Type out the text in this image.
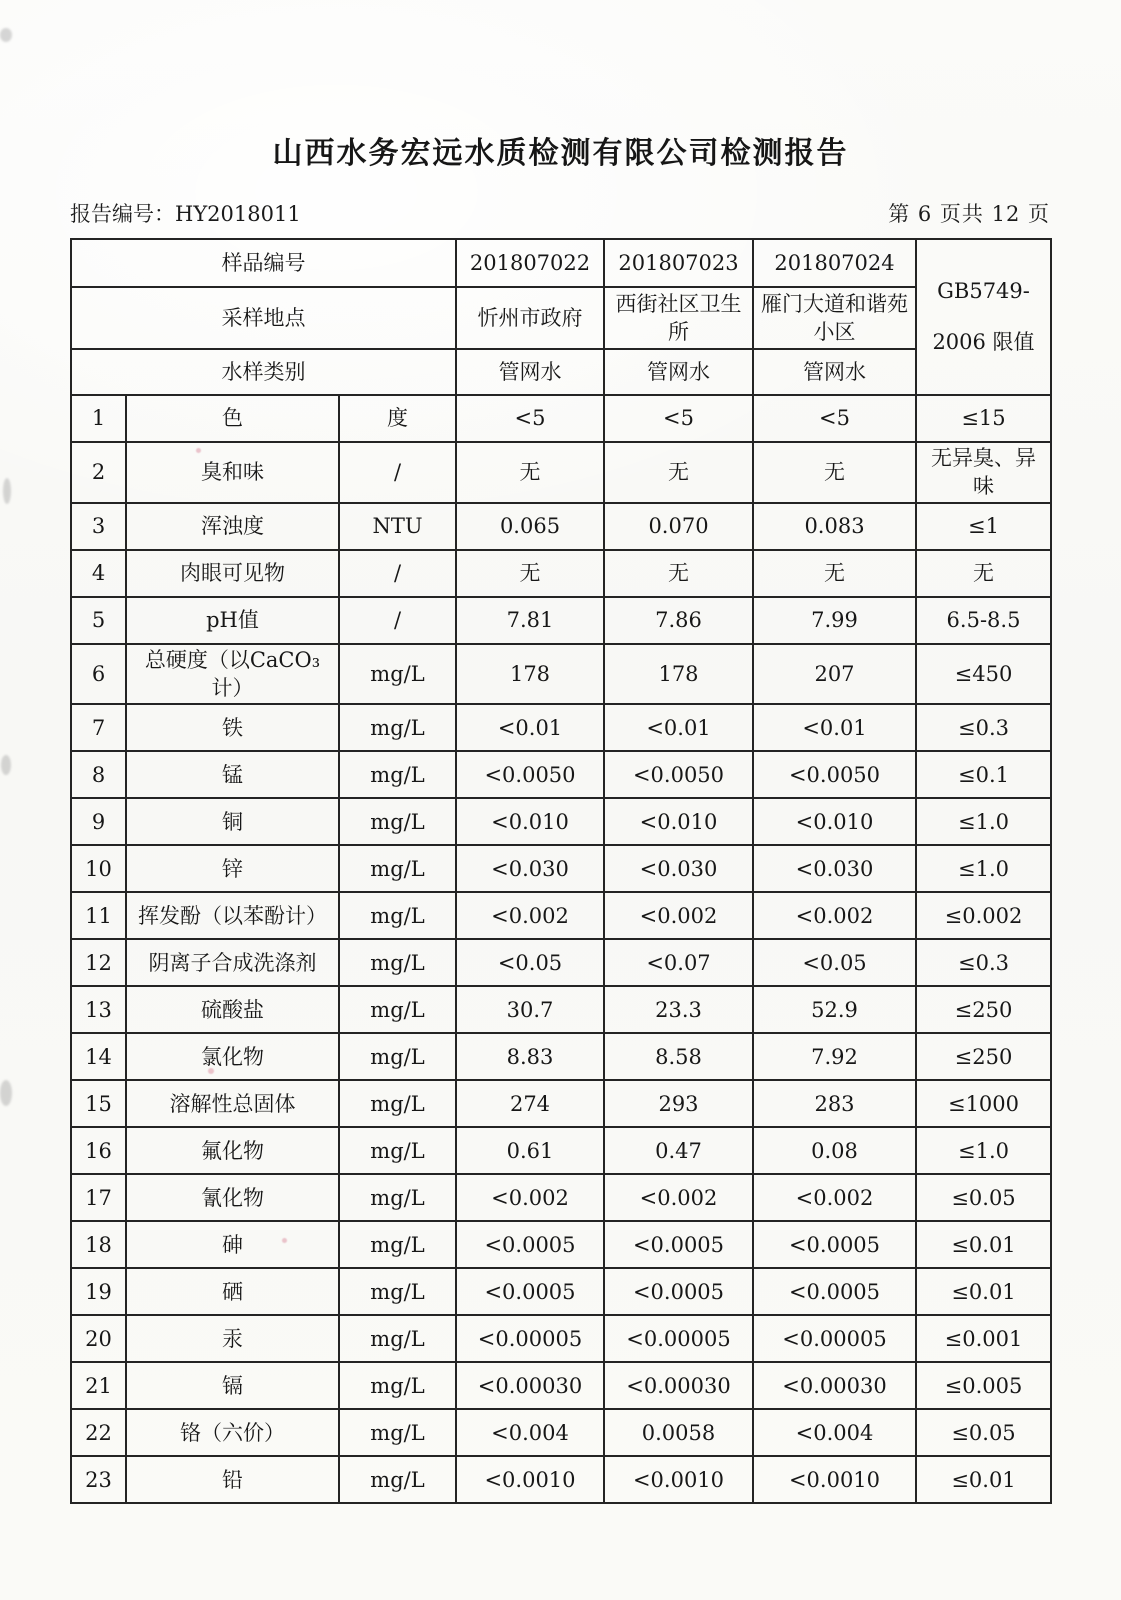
山西水务宏远水质检测有限公司检测报告
报告编号：HY2018011	第 6 页共 12 页
样品编号			201807022	201807023	201807024	GB5749-
2006 限值

采样地点			忻州市政府	西街社区卫生所	雁门大道和谐苑小区	
水样类别			管网水	管网水	管网水	
1	色	度	<5	<5	<5	≤15
2	臭和味	/	无	无	无	无异臭、异味
3	浑浊度	NTU	0.065	0.070	0.083	≤1
4	肉眼可见物	/	无	无	无	无
5	pH值	/	7.81	7.86	7.99	6.5-8.5
6	总硬度（以CaCO₃计）	mg/L	178	178	207	≤450
7	铁	mg/L	<0.01	<0.01	<0.01	≤0.3
8	锰	mg/L	<0.0050	<0.0050	<0.0050	≤0.1
9	铜	mg/L	<0.010	<0.010	<0.010	≤1.0
10	锌	mg/L	<0.030	<0.030	<0.030	≤1.0
11	挥发酚（以苯酚计）	mg/L	<0.002	<0.002	<0.002	≤0.002
12	阴离子合成洗涤剂	mg/L	<0.05	<0.07	<0.05	≤0.3
13	硫酸盐	mg/L	30.7	23.3	52.9	≤250
14	氯化物	mg/L	8.83	8.58	7.92	≤250
15	溶解性总固体	mg/L	274	293	283	≤1000
16	氟化物	mg/L	0.61	0.47	0.08	≤1.0
17	氰化物	mg/L	<0.002	<0.002	<0.002	≤0.05
18	砷	mg/L	<0.0005	<0.0005	<0.0005	≤0.01
19	硒	mg/L	<0.0005	<0.0005	<0.0005	≤0.01
20	汞	mg/L	<0.00005	<0.00005	<0.00005	≤0.001
21	镉	mg/L	<0.00030	<0.00030	<0.00030	≤0.005
22	铬（六价）	mg/L	<0.004	0.0058	<0.004	≤0.05
23	铅	mg/L	<0.0010	<0.0010	<0.0010	≤0.01
